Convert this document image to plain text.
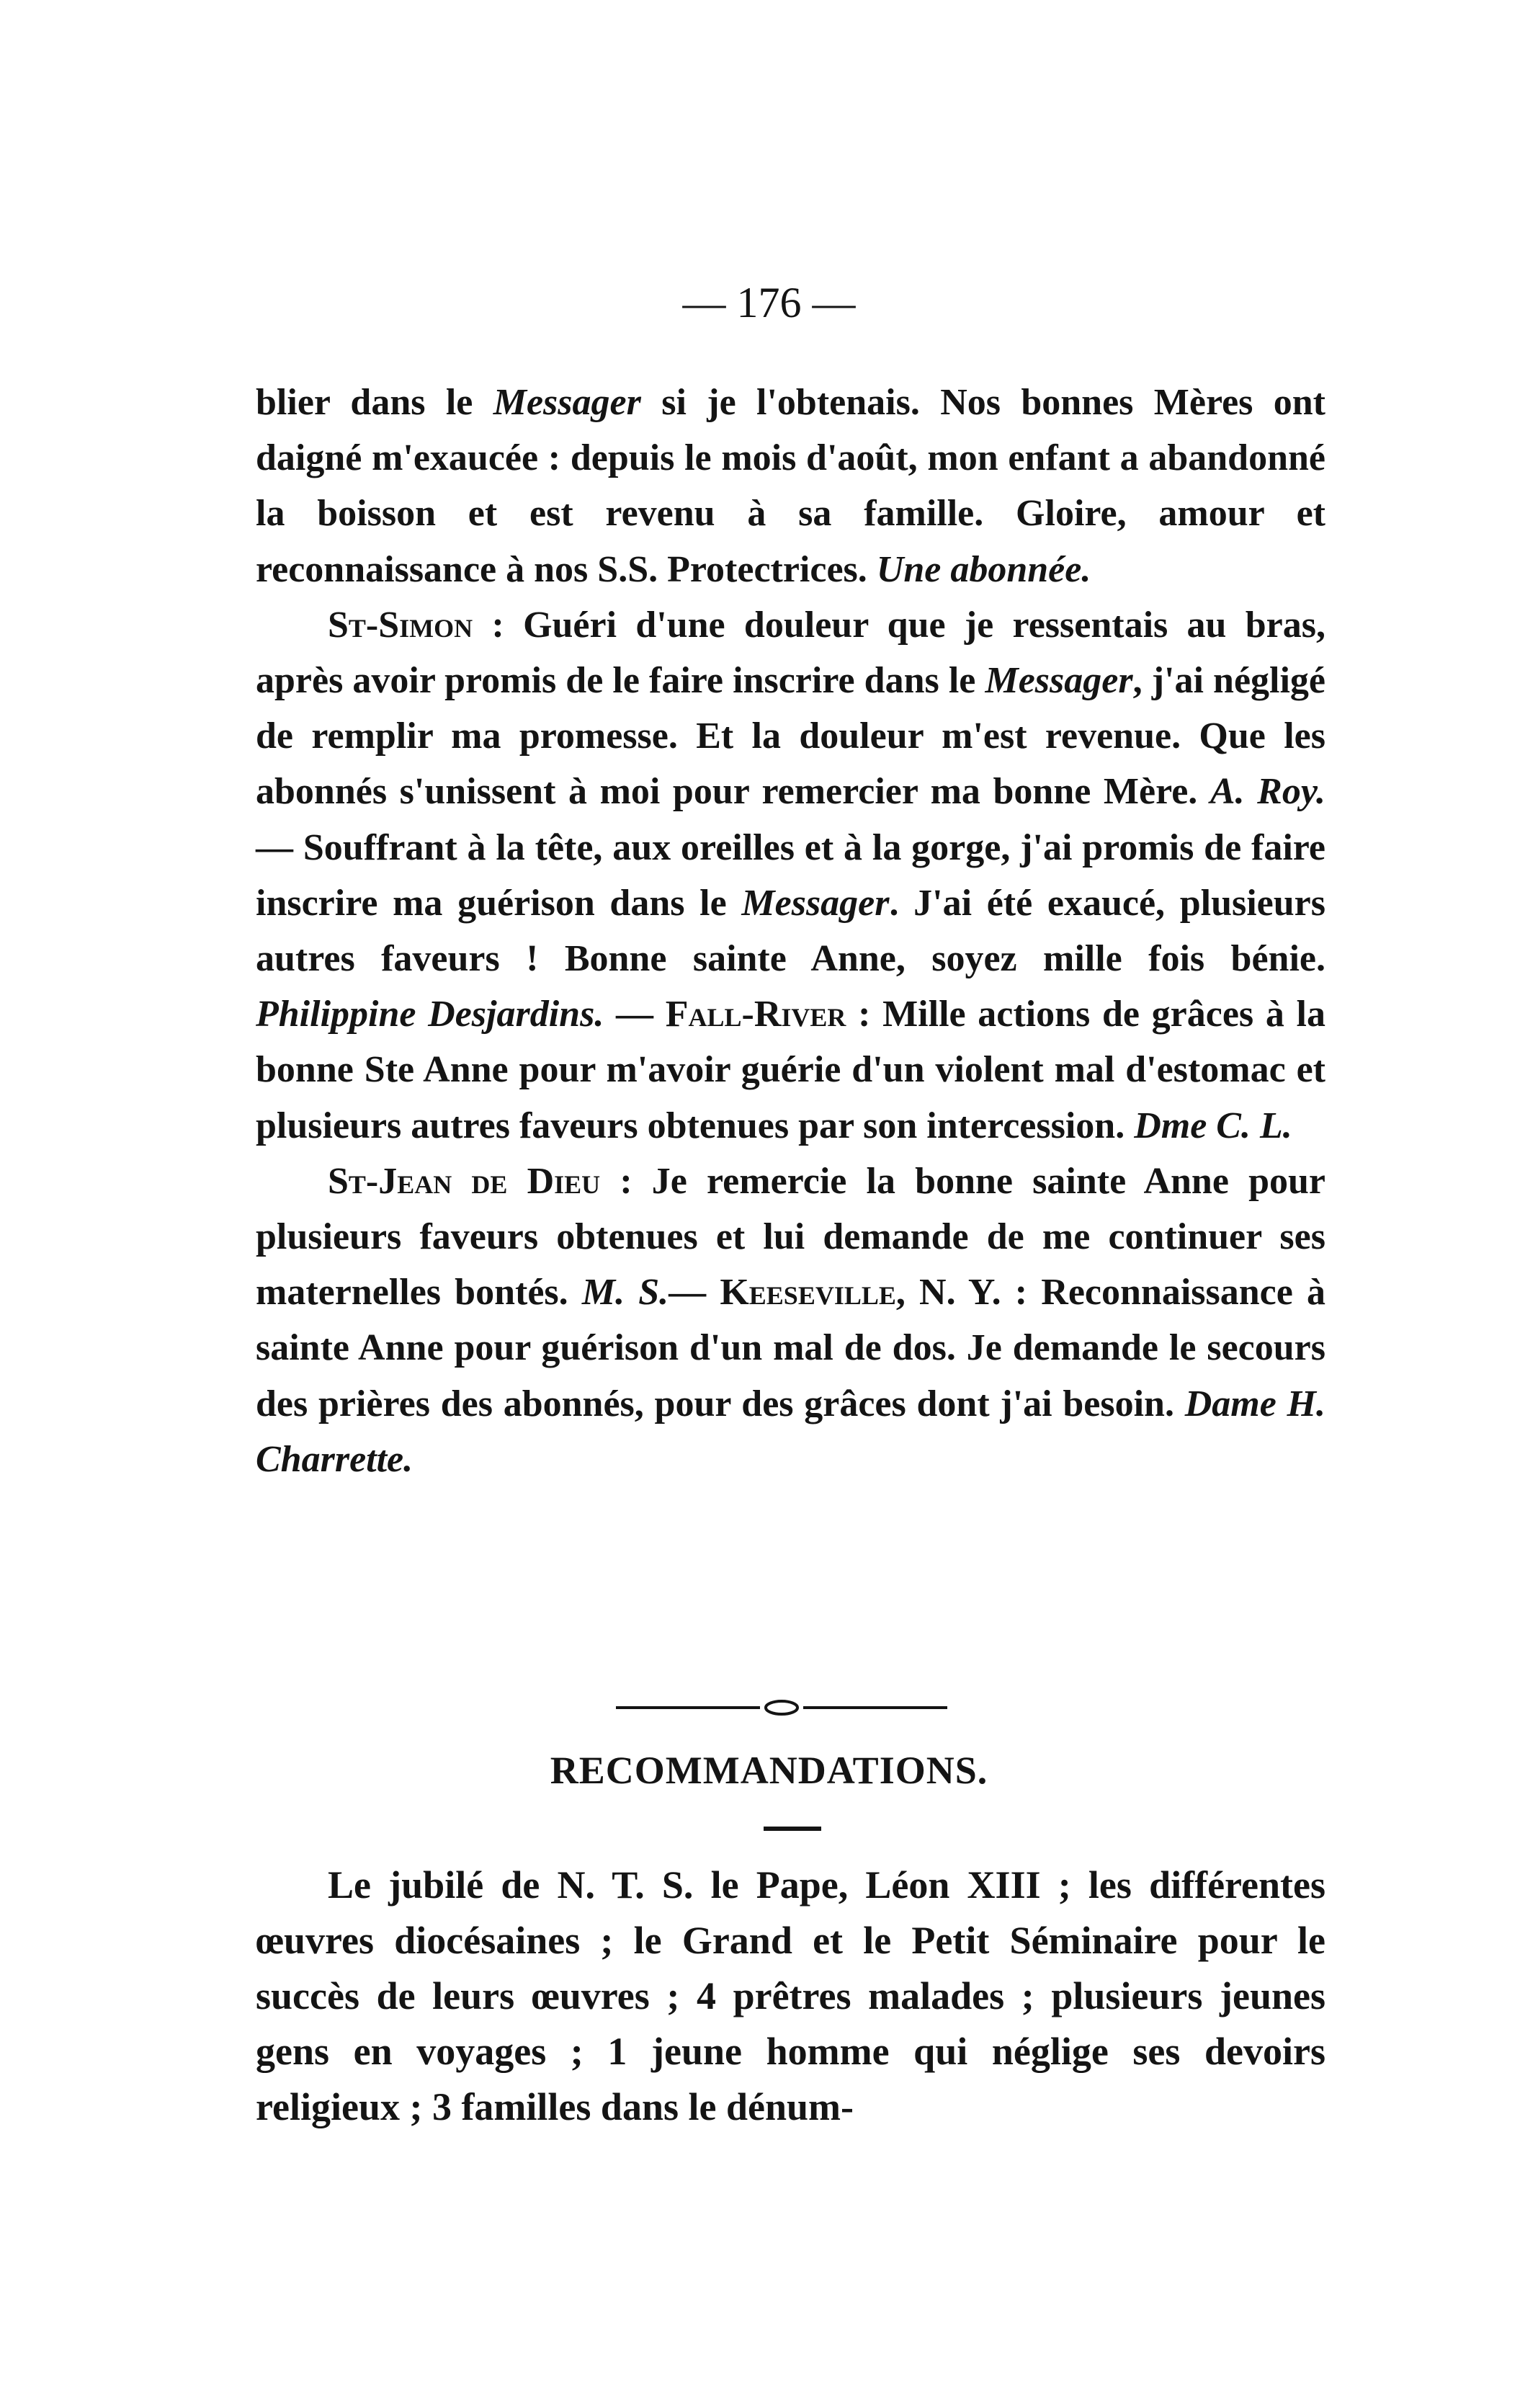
— 176 —

blier dans le Messager si je l'obtenais. Nos bonnes Mères ont daigné m'exaucée : depuis le mois d'août, mon enfant a abandonné la boisson et est revenu à sa famille. Gloire, amour et reconnaissance à nos S.S. Protectrices. Une abonnée.

St-Simon : Guéri d'une douleur que je ressentais au bras, après avoir promis de le faire inscrire dans le Messager, j'ai négligé de remplir ma promesse. Et la douleur m'est revenue. Que les abonnés s'unissent à moi pour remercier ma bonne Mère. A. Roy. — Souffrant à la tête, aux oreilles et à la gorge, j'ai promis de faire inscrire ma guérison dans le Messager. J'ai été exaucé, plusieurs autres faveurs ! Bonne sainte Anne, soyez mille fois bénie. Philippine Desjardins. — Fall-River : Mille actions de grâces à la bonne Ste Anne pour m'avoir guérie d'un violent mal d'estomac et plusieurs autres faveurs obtenues par son intercession. Dme C. L.

St-Jean de Dieu : Je remercie la bonne sainte Anne pour plusieurs faveurs obtenues et lui demande de me continuer ses maternelles bontés. M. S.— Keeseville, N. Y. : Reconnaissance à sainte Anne pour guérison d'un mal de dos. Je demande le secours des prières des abonnés, pour des grâces dont j'ai besoin. Dame H. Charrette.

RECOMMANDATIONS.

Le jubilé de N. T. S. le Pape, Léon XIII ; les différentes œuvres diocésaines ; le Grand et le Petit Séminaire pour le succès de leurs œuvres ; 4 prêtres malades ; plusieurs jeunes gens en voyages ; 1 jeune homme qui néglige ses devoirs religieux ; 3 familles dans le dénum-
